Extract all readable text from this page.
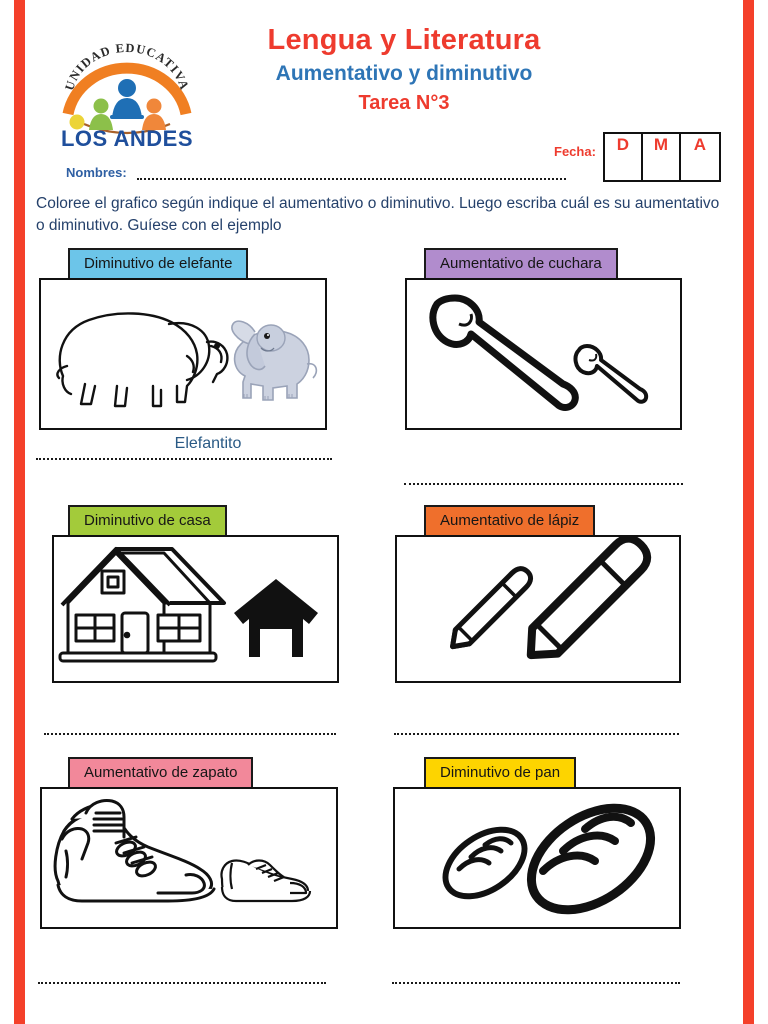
UNIDAD EDUCATIVA
LOS ANDES
Lengua y Literatura
Aumentativo y diminutivo
Tarea N°3
Fecha: D M A
Nombres:
Coloree el grafico según indique el aumentativo o diminutivo. Luego escriba cuál es su aumentativo o diminutivo. Guíese con el ejemplo
Diminutivo de elefante
Elefantito
Aumentativo de cuchara
Diminutivo de casa	Aumentativo de lápiz
Aumentativo de zapato	Diminutivo de pan
